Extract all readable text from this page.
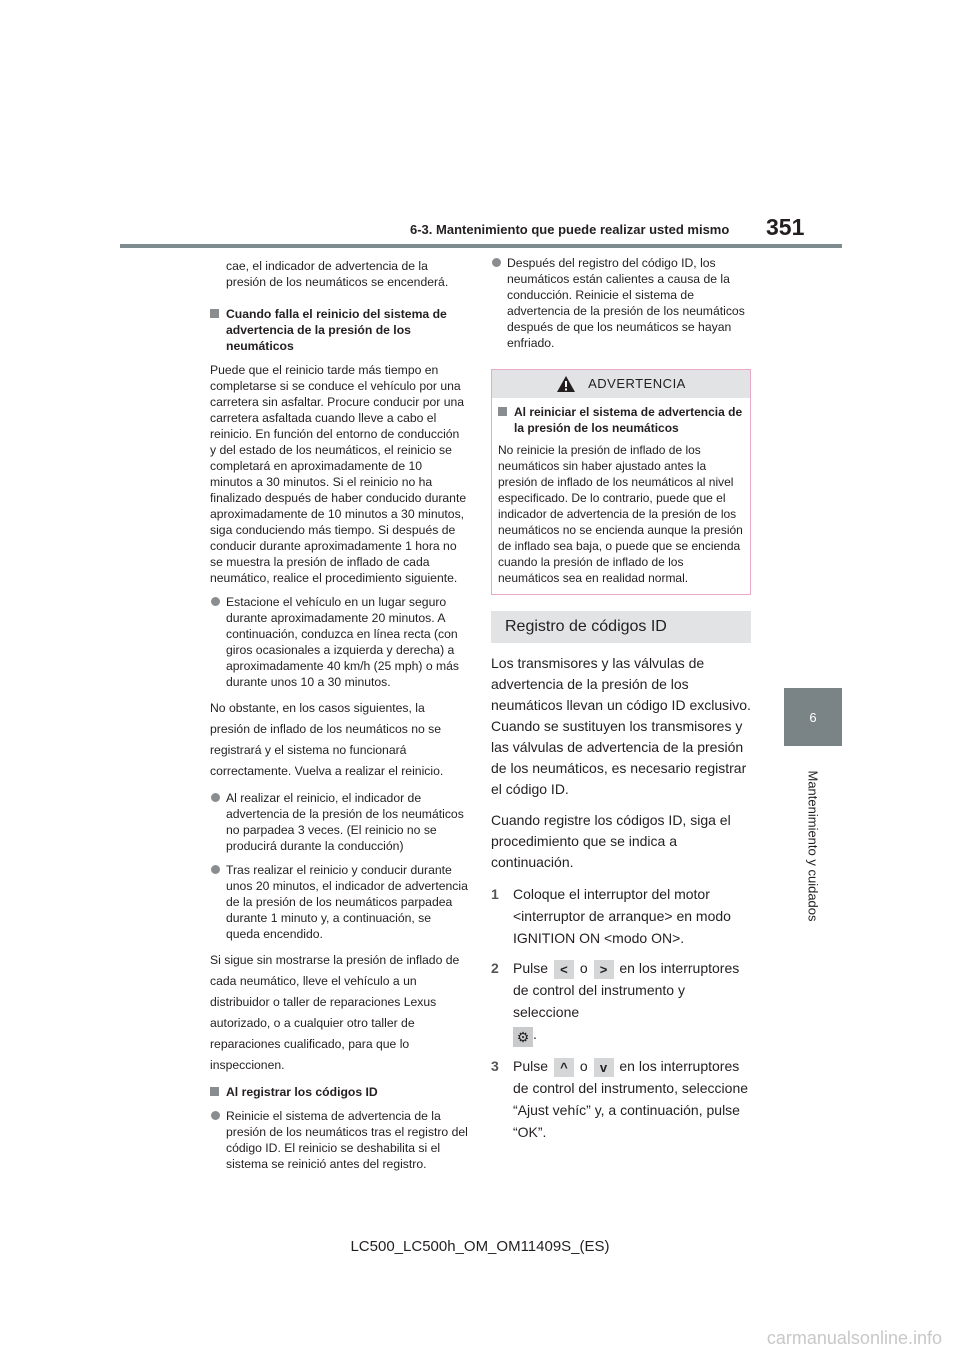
6-3. Mantenimiento que puede realizar usted mismo 351
6
Mantenimiento y cuidados

cae, el indicador de advertencia de la presión de los neumáticos se encenderá.

Cuando falla el reinicio del sistema de advertencia de la presión de los neumáticos

Puede que el reinicio tarde más tiempo en completarse si se conduce el vehículo por una carretera sin asfaltar. Procure conducir por una carretera asfaltada cuando lleve a cabo el reinicio. En función del entorno de conducción y del estado de los neumáticos, el reinicio se completará en aproximadamente de 10 minutos a 30 minutos. Si el reinicio no ha finalizado después de haber conducido durante aproximadamente de 10 minutos a 30 minutos, siga conduciendo más tiempo. Si después de conducir durante aproximadamente 1 hora no se muestra la presión de inflado de cada neumático, realice el procedimiento siguiente.

Estacione el vehículo en un lugar seguro durante aproximadamente 20 minutos. A continuación, conduzca en línea recta (con giros ocasionales a izquierda y derecha) a aproximadamente 40 km/h (25 mph) o más durante unos 10 a 30 minutos.

No obstante, en los casos siguientes, la presión de inflado de los neumáticos no se registrará y el sistema no funcionará correctamente. Vuelva a realizar el reinicio.

Al realizar el reinicio, el indicador de advertencia de la presión de los neumáticos no parpadea 3 veces. (El reinicio no se producirá durante la conducción)
Tras realizar el reinicio y conducir durante unos 20 minutos, el indicador de advertencia de la presión de los neumáticos parpadea durante 1 minuto y, a continuación, se queda encendido.

Si sigue sin mostrarse la presión de inflado de cada neumático, lleve el vehículo a un distribuidor o taller de reparaciones Lexus autorizado, o a cualquier otro taller de reparaciones cualificado, para que lo inspeccionen.

Al registrar los códigos ID
Reinicie el sistema de advertencia de la presión de los neumáticos tras el registro del código ID. El reinicio se deshabilita si el sistema se reinició antes del registro.
Después del registro del código ID, los neumáticos están calientes a causa de la conducción. Reinicie el sistema de advertencia de la presión de los neumáticos después de que los neumáticos se hayan enfriado.
ADVERTENCIA
Al reiniciar el sistema de advertencia de la presión de los neumáticos

No reinicie la presión de inflado de los neumáticos sin haber ajustado antes la presión de inflado de los neumáticos al nivel especificado. De lo contrario, puede que el indicador de advertencia de la presión de los neumáticos no se encienda aunque la presión de inflado sea baja, o puede que se encienda cuando la presión de inflado de los neumáticos sea en realidad normal.

Registro de códigos ID

Los transmisores y las válvulas de advertencia de la presión de los neumáticos llevan un código ID exclusivo. Cuando se sustituyen los transmisores y las válvulas de advertencia de la presión de los neumáticos, es necesario registrar el código ID.

Cuando registre los códigos ID, siga el procedimiento que se indica a continuación.

1 Coloque el interruptor del motor <interruptor de arranque> en modo IGNITION ON <modo ON>.
2 Pulse < o > en los interruptores de control del instrumento y seleccione
⚙ .
3 Pulse ^ o v en los interruptores de control del instrumento, seleccione “Ajust vehíc” y, a continuación, pulse “OK”.
LC500_LC500h_OM_OM11409S_(ES)
carmanualsonline.info
